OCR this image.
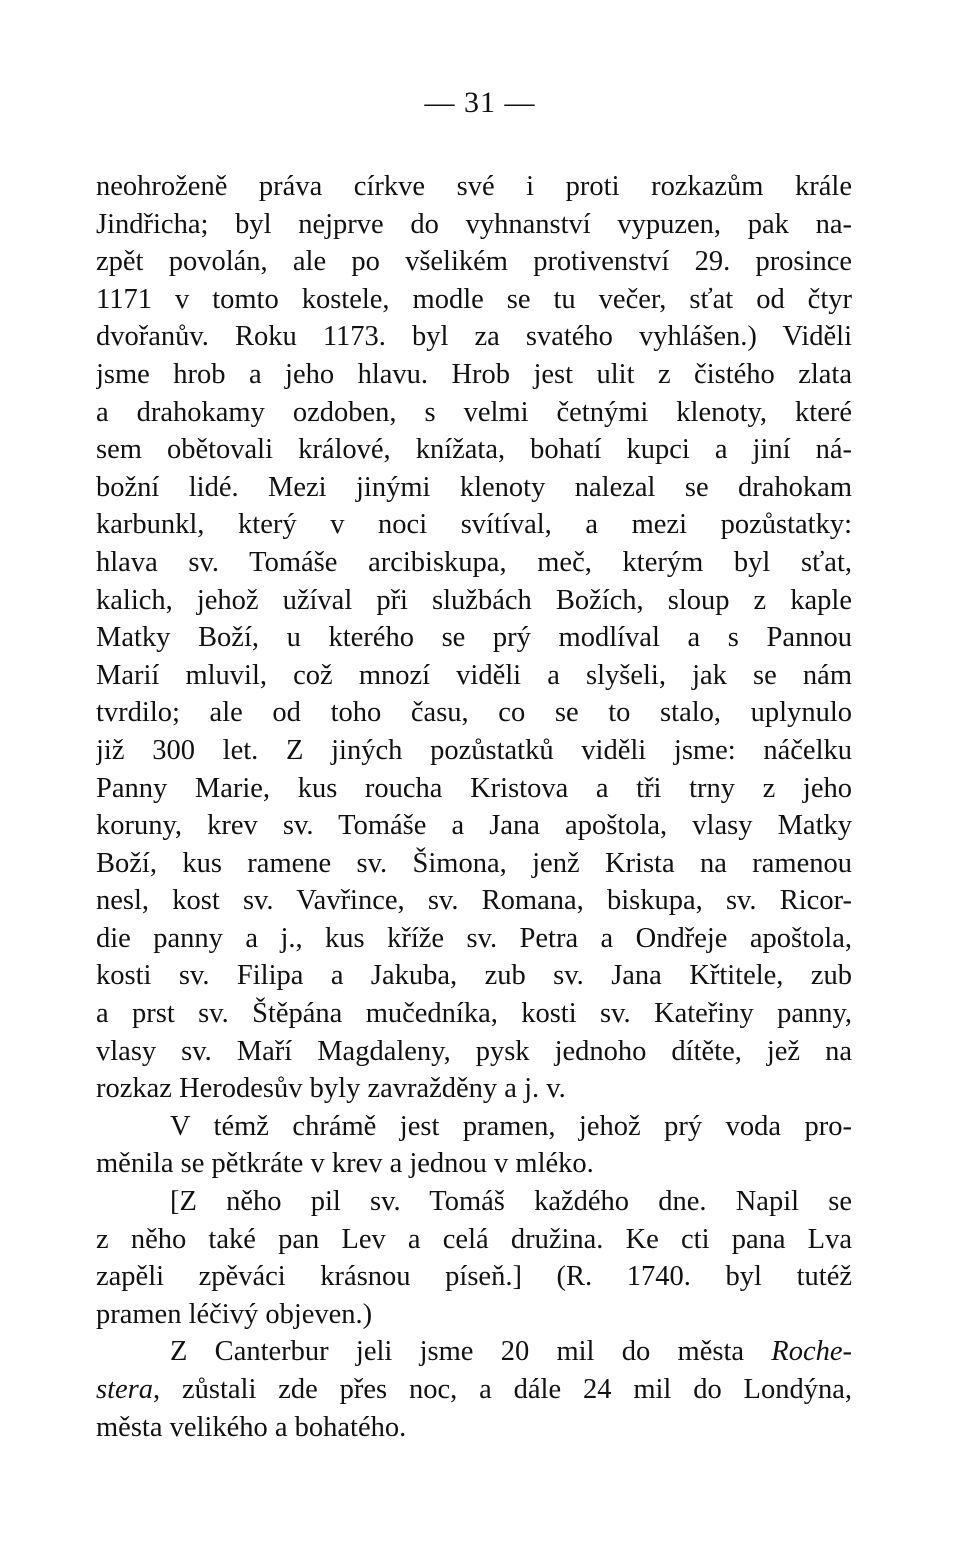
— 31 —
neohroženě práva církve své i proti rozkazům krále
Jindřicha; byl nejprve do vyhnanství vypuzen, pak na-
zpět povolán, ale po všelikém protivenství 29. prosince
1171 v tomto kostele, modle se tu večer, sťat od čtyr
dvořanův. Roku 1173. byl za svatého vyhlášen.) Viděli
jsme hrob a jeho hlavu. Hrob jest ulit z čistého zlata
a drahokamy ozdoben, s velmi četnými klenoty, které
sem obětovali králové, knížata, bohatí kupci a jiní ná-
božní lidé. Mezi jinými klenoty nalezal se drahokam
karbunkl, který v noci svítíval, a mezi pozůstatky:
hlava sv. Tomáše arcibiskupa, meč, kterým byl sťat,
kalich, jehož užíval při službách Božích, sloup z kaple
Matky Boží, u kterého se prý modlíval a s Pannou
Marií mluvil, což mnozí viděli a slyšeli, jak se nám
tvrdilo; ale od toho času, co se to stalo, uplynulo
již 300 let. Z jiných pozůstatků viděli jsme: náčelku
Panny Marie, kus roucha Kristova a tři trny z jeho
koruny, krev sv. Tomáše a Jana apoštola, vlasy Matky
Boží, kus ramene sv. Šimona, jenž Krista na ramenou
nesl, kost sv. Vavřince, sv. Romana, biskupa, sv. Ricor-
die panny a j., kus kříže sv. Petra a Ondřeje apoštola,
kosti sv. Filipa a Jakuba, zub sv. Jana Křtitele, zub
a prst sv. Štěpána mučedníka, kosti sv. Kateřiny panny,
vlasy sv. Maří Magdaleny, pysk jednoho dítěte, jež na
rozkaz Herodesův byly zavražděny a j. v.
V témž chrámě jest pramen, jehož prý voda pro-
měnila se pětkráte v krev a jednou v mléko.
[Z něho pil sv. Tomáš každého dne. Napil se
z něho také pan Lev a celá družina. Ke cti pana Lva
zapěli zpěváci krásnou píseň.] (R. 1740. byl tutéž
pramen léčivý objeven.)
Z Canterbur jeli jsme 20 mil do města Roche-
stera, zůstali zde přes noc, a dále 24 mil do Londýna,
města velikého a bohatého.
